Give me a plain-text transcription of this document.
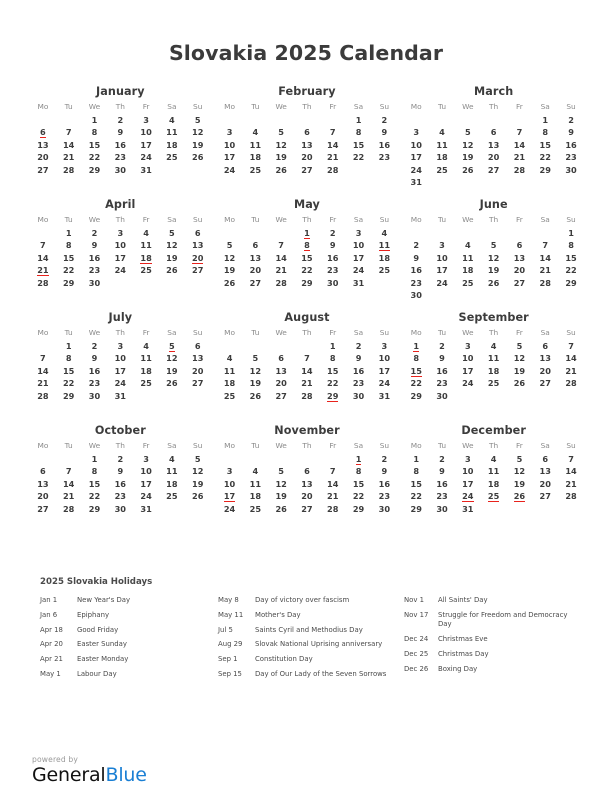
Slovakia 2025 Calendar
January
Mo	Tu	We	Th	Fr	Sa	Su
		1	2	3	4	5
6	7	8	9	10	11	12
13	14	15	16	17	18	19
20	21	22	23	24	25	26
27	28	29	30	31		
February
Mo	Tu	We	Th	Fr	Sa	Su
					1	2
3	4	5	6	7	8	9
10	11	12	13	14	15	16
17	18	19	20	21	22	23
24	25	26	27	28		
March
Mo	Tu	We	Th	Fr	Sa	Su
					1	2
3	4	5	6	7	8	9
10	11	12	13	14	15	16
17	18	19	20	21	22	23
24	25	26	27	28	29	30
31						
April
Mo	Tu	We	Th	Fr	Sa	Su
	1	2	3	4	5	6
7	8	9	10	11	12	13
14	15	16	17	18	19	20
21	22	23	24	25	26	27
28	29	30				
May
Mo	Tu	We	Th	Fr	Sa	Su
			1	2	3	4
5	6	7	8	9	10	11
12	13	14	15	16	17	18
19	20	21	22	23	24	25
26	27	28	29	30	31	
June
Mo	Tu	We	Th	Fr	Sa	Su
						1
2	3	4	5	6	7	8
9	10	11	12	13	14	15
16	17	18	19	20	21	22
23	24	25	26	27	28	29
30						
July
Mo	Tu	We	Th	Fr	Sa	Su
	1	2	3	4	5	6
7	8	9	10	11	12	13
14	15	16	17	18	19	20
21	22	23	24	25	26	27
28	29	30	31			
August
Mo	Tu	We	Th	Fr	Sa	Su
				1	2	3
4	5	6	7	8	9	10
11	12	13	14	15	16	17
18	19	20	21	22	23	24
25	26	27	28	29	30	31
September
Mo	Tu	We	Th	Fr	Sa	Su
1	2	3	4	5	6	7
8	9	10	11	12	13	14
15	16	17	18	19	20	21
22	23	24	25	26	27	28
29	30					
October
Mo	Tu	We	Th	Fr	Sa	Su
		1	2	3	4	5
6	7	8	9	10	11	12
13	14	15	16	17	18	19
20	21	22	23	24	25	26
27	28	29	30	31		
November
Mo	Tu	We	Th	Fr	Sa	Su
					1	2
3	4	5	6	7	8	9
10	11	12	13	14	15	16
17	18	19	20	21	22	23
24	25	26	27	28	29	30
December
Mo	Tu	We	Th	Fr	Sa	Su
1	2	3	4	5	6	7
8	9	10	11	12	13	14
15	16	17	18	19	20	21
22	23	24	25	26	27	28
29	30	31				
2025 Slovakia Holidays
Jan 1	New Year's Day
Jan 6	Epiphany
Apr 18	Good Friday
Apr 20	Easter Sunday
Apr 21	Easter Monday
May 1	Labour Day
May 8	Day of victory over fascism
May 11	Mother's Day
Jul 5	Saints Cyril and Methodius Day
Aug 29	Slovak National Uprising anniversary
Sep 1	Constitution Day
Sep 15	Day of Our Lady of the Seven Sorrows
Nov 1	All Saints' Day
Nov 17	Struggle for Freedom and Democracy Day
Dec 24	Christmas Eve
Dec 25	Christmas Day
Dec 26	Boxing Day
powered by
GeneralBlue
